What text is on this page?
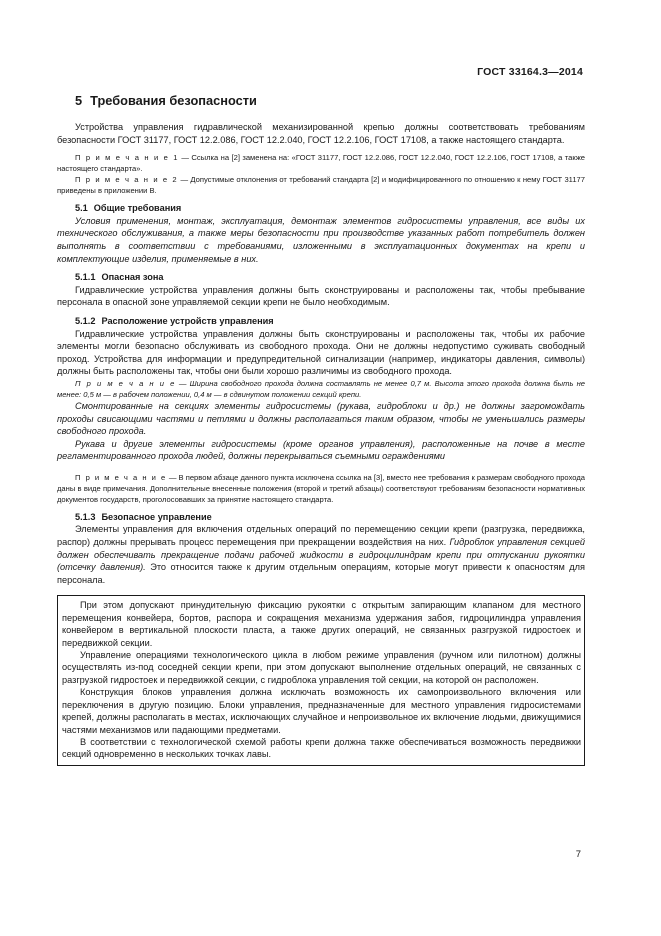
ГОСТ 33164.3—2014
5 Требования безопасности

Устройства управления гидравлической механизированной крепью должны соответствовать требованиям безопасности ГОСТ 31177, ГОСТ 12.2.086, ГОСТ 12.2.040, ГОСТ 12.2.106, ГОСТ 17108, а также настоящего стандарта.

П р и м е ч а н и е 1 — Ссылка на [2] заменена на: «ГОСТ 31177, ГОСТ 12.2.086, ГОСТ 12.2.040, ГОСТ 12.2.106, ГОСТ 17108, а также настоящего стандарта».

П р и м е ч а н и е 2 — Допустимые отклонения от требований стандарта [2] и модифицированного по отношению к нему ГОСТ 31177 приведены в приложении В.

5.1 Общие требования

Условия применения, монтаж, эксплуатация, демонтаж элементов гидросистемы управления, все виды их технического обслуживания, а также меры безопасности при производстве указанных работ потребитель должен выполнять в соответствии с требованиями, изложенными в эксплуатационных документах на крепи и комплектующие изделия, применяемые в них.

5.1.1 Опасная зона

Гидравлические устройства управления должны быть сконструированы и расположены так, чтобы пребывание персонала в опасной зоне управляемой секции крепи не было необходимым.

5.1.2 Расположение устройств управления

Гидравлические устройства управления должны быть сконструированы и расположены так, чтобы их рабочие элементы могли безопасно обслуживать из свободного прохода. Они не должны недопустимо суживать свободный проход. Устройства для информации и предупредительной сигнализации (например, индикаторы давления, символы) должны быть расположены так, чтобы они были хорошо различимы из свободного прохода.

П р и м е ч а н и е — Ширина свободного прохода должна составлять не менее 0,7 м. Высота этого прохода должна быть не менее: 0,5 м — в рабочем положении, 0,4 м — в сдвинутом положении секций крепи.

Смонтированные на секциях элементы гидросистемы (рукава, гидроблоки и др.) не должны загромождать проходы свисающими частями и петлями и должны располагаться таким образом, чтобы не уменьшались размеры свободного прохода.

Рукава и другие элементы гидросистемы (кроме органов управления), расположенные на почве в месте регламентированного прохода людей, должны перекрываться съемными ограждениями

П р и м е ч а н и е — В первом абзаце данного пункта исключена ссылка на [3], вместо нее требования к размерам свободного прохода даны в виде примечания. Дополнительные внесенные положения (второй и третий абзацы) соответствуют требованиям безопасности нормативных документов государств, проголосовавших за принятие настоящего стандарта.

5.1.3 Безопасное управление

Элементы управления для включения отдельных операций по перемещению секции крепи (разгрузка, передвижка, распор) должны прерывать процесс перемещения при прекращении воздействия на них. Гидроблок управления секцией должен обеспечивать прекращение подачи рабочей жидкости в гидроцилиндрам крепи при отпускании рукоятки (отсечку давления). Это относится также к другим отдельным операциям, которые могут привести к опасностям для персонала.

При этом допускают принудительную фиксацию рукоятки с открытым запирающим клапаном для местного перемещения конвейера, бортов, распора и сокращения механизма удержания забоя, гидроцилиндра управления конвейером в вертикальной плоскости пласта, а также других операций, не связанных разгрузкой гидростоек и передвижкой секции.

Управление операциями технологического цикла в любом режиме управления (ручном или пилотном) должны осуществлять из-под соседней секции крепи, при этом допускают выполнение отдельных операций, не связанных с разгрузкой гидростоек и передвижкой секции, с гидроблока управления той секции, на которой он расположен.

Конструкция блоков управления должна исключать возможность их самопроизвольного включения или переключения в другую позицию. Блоки управления, предназначенные для местного управления гидросистемами крепей, должны располагать в местах, исключающих случайное и непроизвольное их включение людьми, движущимися частями механизмов или падающими предметами.

В соответствии с технологической схемой работы крепи должна также обеспечиваться возможность передвижки секций одновременно в нескольких точках лавы.

7
